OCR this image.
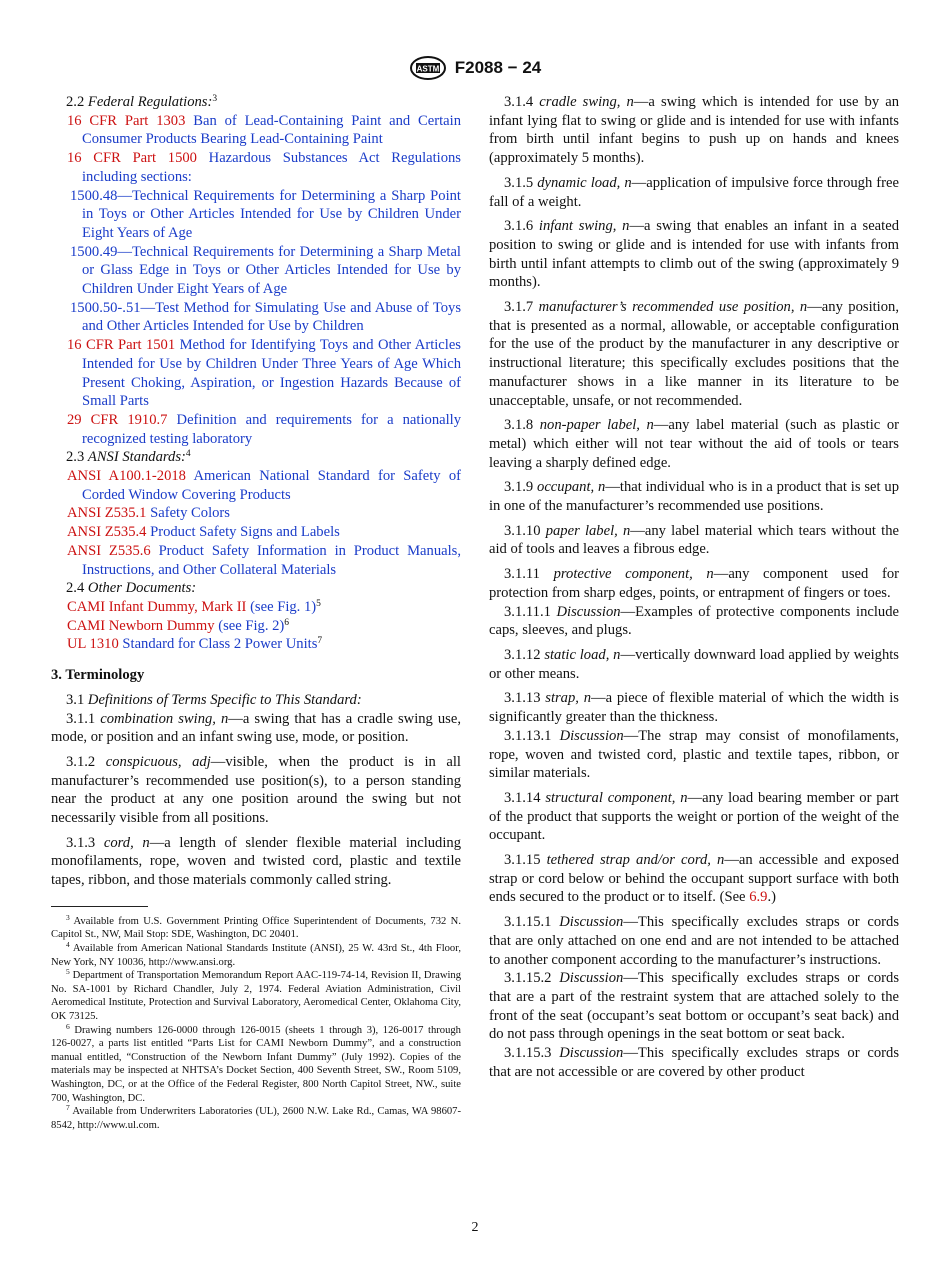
ASTM F2088 − 24

2.2 Federal Regulations:$^3$

16 CFR Part 1303 Ban of Lead-Containing Paint and Certain Consumer Products Bearing Lead-Containing Paint

16 CFR Part 1500 Hazardous Substances Act Regulations including sections:

1500.48—Technical Requirements for Determining a Sharp Point in Toys or Other Articles Intended for Use by Children Under Eight Years of Age

1500.49—Technical Requirements for Determining a Sharp Metal or Glass Edge in Toys or Other Articles Intended for Use by Children Under Eight Years of Age

1500.50-.51—Test Method for Simulating Use and Abuse of Toys and Other Articles Intended for Use by Children

16 CFR Part 1501 Method for Identifying Toys and Other Articles Intended for Use by Children Under Three Years of Age Which Present Choking, Aspiration, or Ingestion Hazards Because of Small Parts

29 CFR 1910.7 Definition and requirements for a nationally recognized testing laboratory

2.3 ANSI Standards:$^4$

ANSI A100.1-2018 American National Standard for Safety of Corded Window Covering Products

ANSI Z535.1 Safety Colors

ANSI Z535.4 Product Safety Signs and Labels

ANSI Z535.6 Product Safety Information in Product Manuals, Instructions, and Other Collateral Materials

2.4 Other Documents:

CAMI Infant Dummy, Mark II (see Fig. 1)$^5$

CAMI Newborn Dummy (see Fig. 2)$^6$

UL 1310 Standard for Class 2 Power Units$^7$

3. Terminology

3.1 Definitions of Terms Specific to This Standard:

3.1.1 combination swing, n—a swing that has a cradle swing use, mode, or position and an infant swing use, mode, or position.

3.1.2 conspicuous, adj—visible, when the product is in all manufacturer’s recommended use position(s), to a person standing near the product at any one position around the swing but not necessarily visible from all positions.

3.1.3 cord, n—a length of slender flexible material including monofilaments, rope, woven and twisted cord, plastic and textile tapes, ribbon, and those materials commonly called string.

$^3$ Available from U.S. Government Printing Office Superintendent of Documents, 732 N. Capitol St., NW, Mail Stop: SDE, Washington, DC 20401.

$^4$ Available from American National Standards Institute (ANSI), 25 W. 43rd St., 4th Floor, New York, NY 10036, http://www.ansi.org.

$^5$ Department of Transportation Memorandum Report AAC-119-74-14, Revision II, Drawing No. SA-1001 by Richard Chandler, July 2, 1974. Federal Aviation Administration, Civil Aeromedical Institute, Protection and Survival Laboratory, Aeromedical Center, Oklahoma City, OK 73125.

$^6$ Drawing numbers 126-0000 through 126-0015 (sheets 1 through 3), 126-0017 through 126-0027, a parts list entitled “Parts List for CAMI Newborn Dummy”, and a construction manual entitled, “Construction of the Newborn Infant Dummy” (July 1992). Copies of the materials may be inspected at NHTSA’s Docket Section, 400 Seventh Street, SW., Room 5109, Washington, DC, or at the Office of the Federal Register, 800 North Capitol Street, NW., suite 700, Washington, DC.

$^7$ Available from Underwriters Laboratories (UL), 2600 N.W. Lake Rd., Camas, WA 98607-8542, http://www.ul.com.

3.1.4 cradle swing, n—a swing which is intended for use by an infant lying flat to swing or glide and is intended for use with infants from birth until infant begins to push up on hands and knees (approximately 5 months).

3.1.5 dynamic load, n—application of impulsive force through free fall of a weight.

3.1.6 infant swing, n—a swing that enables an infant in a seated position to swing or glide and is intended for use with infants from birth until infant attempts to climb out of the swing (approximately 9 months).

3.1.7 manufacturer’s recommended use position, n—any position, that is presented as a normal, allowable, or acceptable configuration for the use of the product by the manufacturer in any descriptive or instructional literature; this specifically excludes positions that the manufacturer shows in a like manner in its literature to be unacceptable, unsafe, or not recommended.

3.1.8 non-paper label, n—any label material (such as plastic or metal) which either will not tear without the aid of tools or tears leaving a sharply defined edge.

3.1.9 occupant, n—that individual who is in a product that is set up in one of the manufacturer’s recommended use positions.

3.1.10 paper label, n—any label material which tears without the aid of tools and leaves a fibrous edge.

3.1.11 protective component, n—any component used for protection from sharp edges, points, or entrapment of fingers or toes.

3.1.11.1 Discussion—Examples of protective components include caps, sleeves, and plugs.

3.1.12 static load, n—vertically downward load applied by weights or other means.

3.1.13 strap, n—a piece of flexible material of which the width is significantly greater than the thickness.

3.1.13.1 Discussion—The strap may consist of monofilaments, rope, woven and twisted cord, plastic and textile tapes, ribbon, or similar materials.

3.1.14 structural component, n—any load bearing member or part of the product that supports the weight or portion of the weight of the occupant.

3.1.15 tethered strap and/or cord, n—an accessible and exposed strap or cord below or behind the occupant support surface with both ends secured to the product or to itself. (See 6.9.)

3.1.15.1 Discussion—This specifically excludes straps or cords that are only attached on one end and are not intended to be attached to another component according to the manufacturer’s instructions.

3.1.15.2 Discussion—This specifically excludes straps or cords that are a part of the restraint system that are attached solely to the front of the seat (occupant’s seat bottom or occupant’s seat back) and do not pass through openings in the seat bottom or seat back.

3.1.15.3 Discussion—This specifically excludes straps or cords that are not accessible or are covered by other product

2
